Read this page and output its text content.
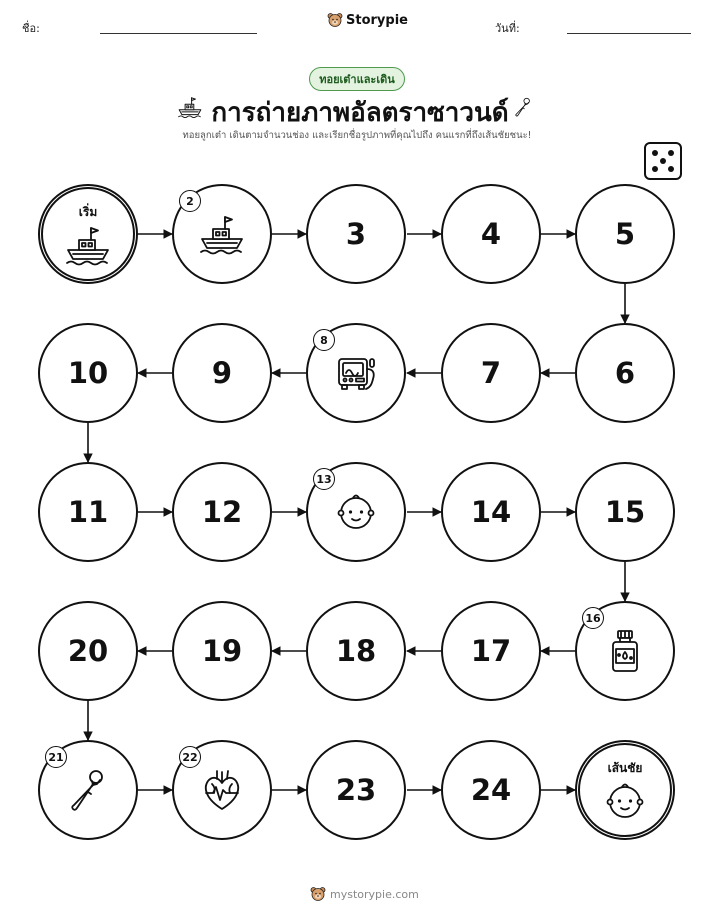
ชื่อ:
Storypie
วันที่:
ทอยเต๋าและเดิน
การถ่ายภาพอัลตราซาวนด์
ทอยลูกเต๋า เดินตามจำนวนช่อง และเรียกชื่อรูปภาพที่คุณไปถึง คนแรกที่ถึงเส้นชัยชนะ!
เริ่ม
2
3	4	5
10	9
8
7	6
11	12
13
14	15
20	19	18	17
16
21	22
23	24
เส้นชัย
mystorypie.com
